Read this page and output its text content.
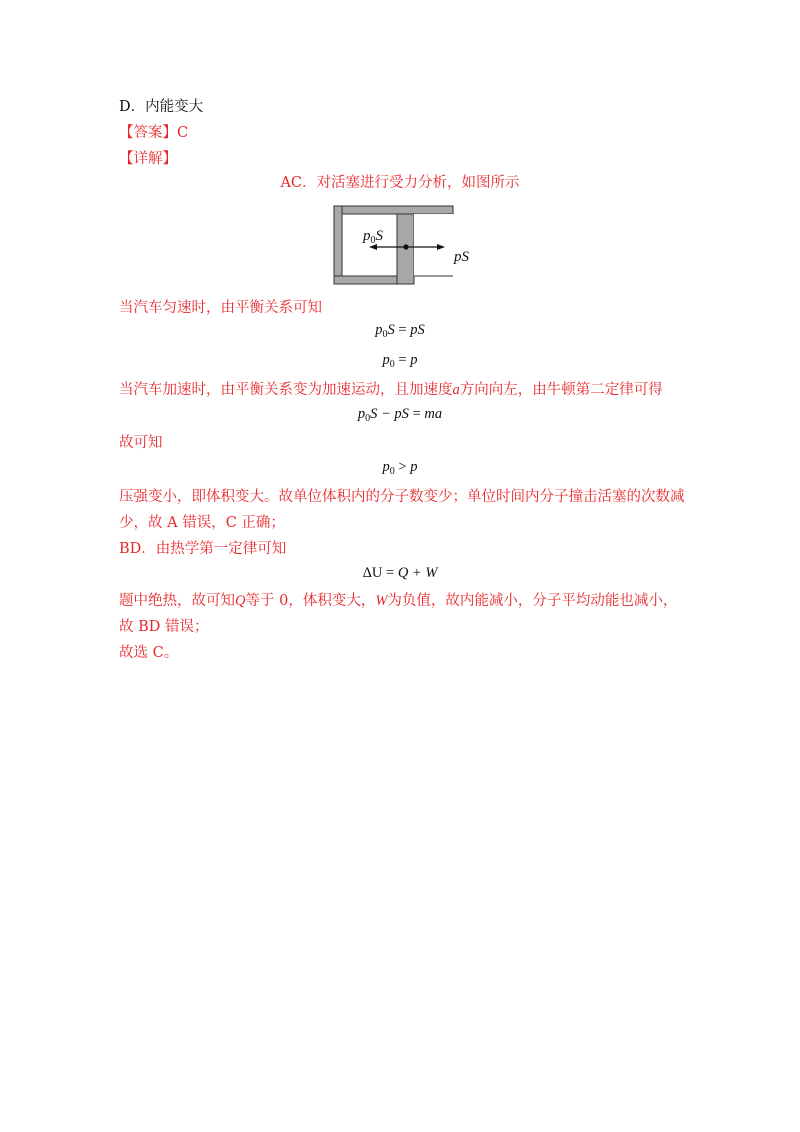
D．内能变大
【答案】C
【详解】
AC．对活塞进行受力分析，如图所示
$p_0S$
pS
当汽车匀速时，由平衡关系可知
$p_0S$ = pS
$p_0 = p$
当汽车加速时，由平衡关系变为加速运动，且加速度a方向向左，由牛顿第二定律可得
$p_0S$ − pS = ma
故可知
$p_0 > p$
压强变小，即体积变大。故单位体积内的分子数变少；单位时间内分子撞击活塞的次数减
少，故 A 错误，C 正确；
BD．由热学第一定律可知
ΔU = Q + W
题中绝热，故可知Q等于 0，体积变大，W为负值，故内能减小，分子平均动能也减小，
故 BD 错误；
故选 C。
